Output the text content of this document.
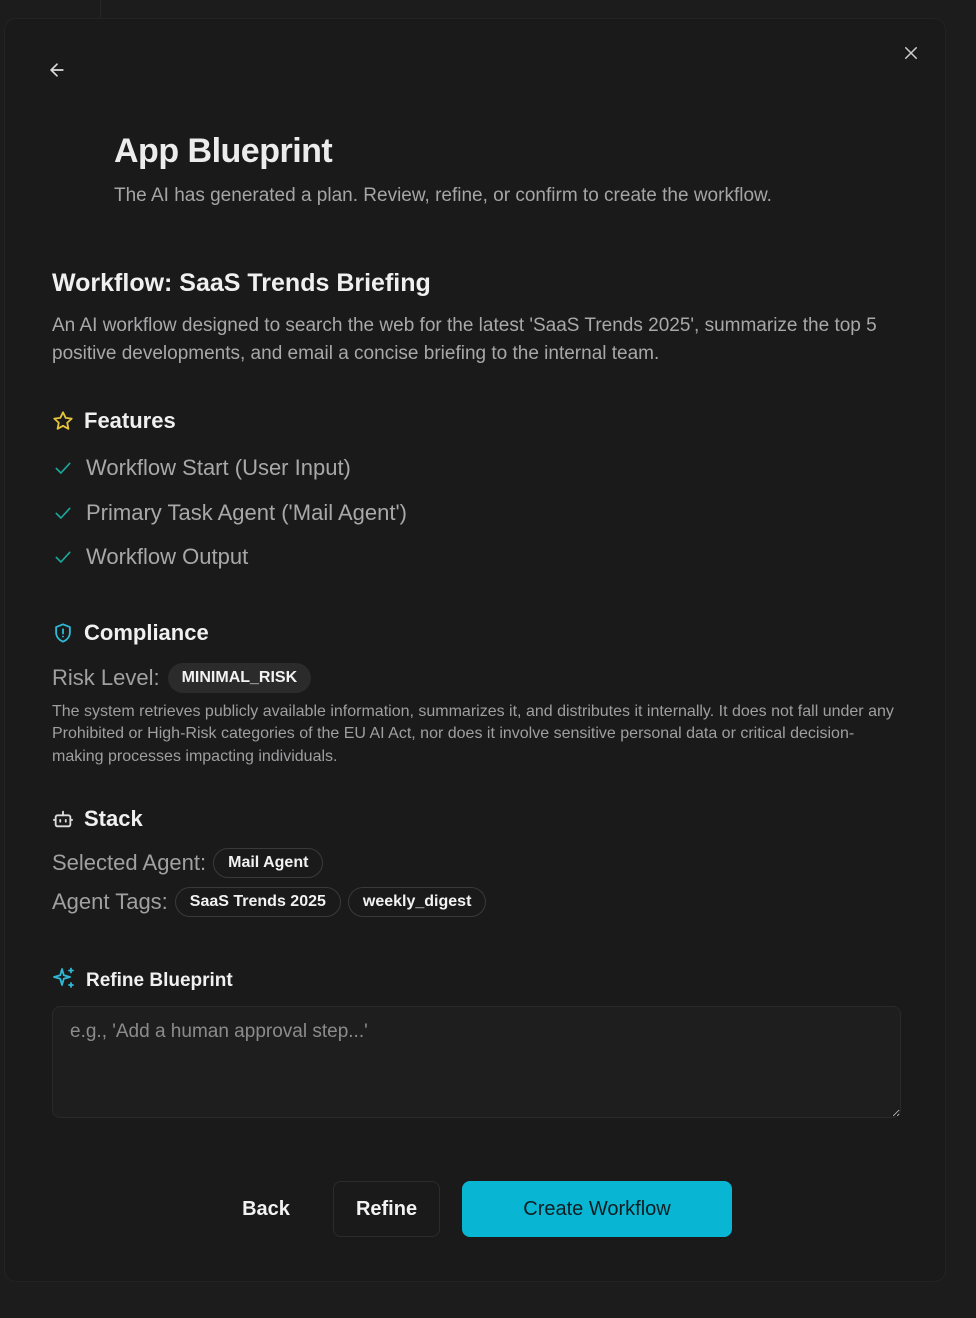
App Blueprint

The AI has generated a plan. Review, refine, or confirm to create the workflow.

Workflow: SaaS Trends Briefing

An AI workflow designed to search the web for the latest 'SaaS Trends 2025', summarize the top 5 positive developments, and email a concise briefing to the internal team.

Features
Workflow Start (User Input)
Primary Task Agent ('Mail Agent')
Workflow Output
Compliance
Risk Level:	MINIMAL_RISK

The system retrieves publicly available information, summarizes it, and distributes it internally. It does not fall under any Prohibited or High-Risk categories of the EU AI Act, nor does it involve sensitive personal data or critical decision-making processes impacting individuals.

Stack
Selected Agent:	Mail Agent
Agent Tags:	SaaS Trends 2025	weekly_digest
Refine Blueprint
e.g., 'Add a human approval step...'
Back	Refine	Create Workflow
